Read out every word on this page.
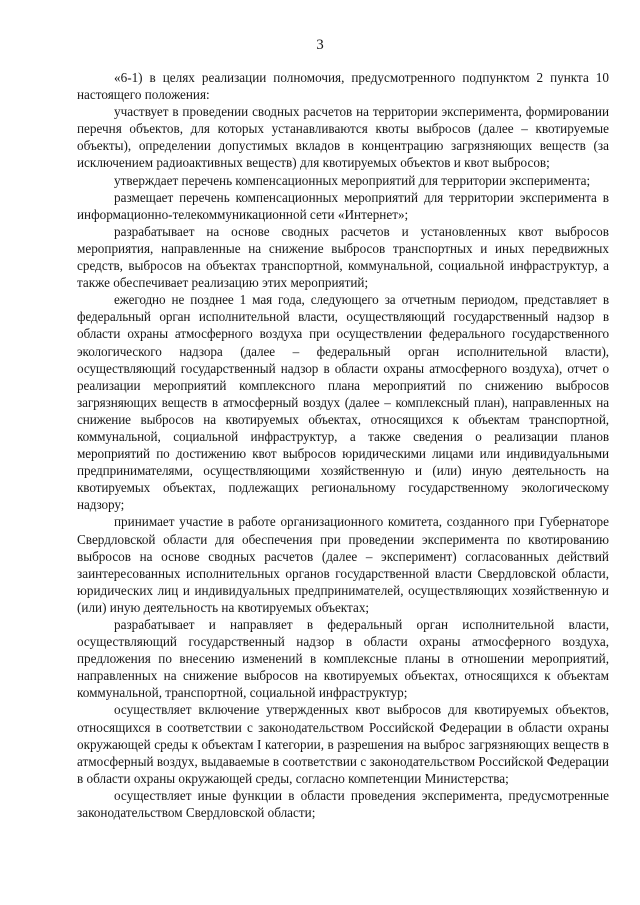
3

«6-1) в целях реализации полномочия, предусмотренного подпунктом 2 пункта 10 настоящего положения:

участвует в проведении сводных расчетов на территории эксперимента, формировании перечня объектов, для которых устанавливаются квоты выбросов (далее – квотируемые объекты), определении допустимых вкладов в концентрацию загрязняющих веществ (за исключением радиоактивных веществ) для квотируемых объектов и квот выбросов;

утверждает перечень компенсационных мероприятий для территории эксперимента;

размещает перечень компенсационных мероприятий для территории эксперимента в информационно-телекоммуникационной сети «Интернет»;

разрабатывает на основе сводных расчетов и установленных квот выбросов мероприятия, направленные на снижение выбросов транспортных и иных передвижных средств, выбросов на объектах транспортной, коммунальной, социальной инфраструктур, а также обеспечивает реализацию этих мероприятий;

ежегодно не позднее 1 мая года, следующего за отчетным периодом, представляет в федеральный орган исполнительной власти, осуществляющий государственный надзор в области охраны атмосферного воздуха при осуществлении федерального государственного экологического надзора (далее – федеральный орган исполнительной власти), осуществляющий государственный надзор в области охраны атмосферного воздуха), отчет о реализации мероприятий комплексного плана мероприятий по снижению выбросов загрязняющих веществ в атмосферный воздух (далее – комплексный план), направленных на снижение выбросов на квотируемых объектах, относящихся к объектам транспортной, коммунальной, социальной инфраструктур, а также сведения о реализации планов мероприятий по достижению квот выбросов юридическими лицами или индивидуальными предпринимателями, осуществляющими хозяйственную и (или) иную деятельность на квотируемых объектах, подлежащих региональному государственному экологическому надзору;

принимает участие в работе организационного комитета, созданного при Губернаторе Свердловской области для обеспечения при проведении эксперимента по квотированию выбросов на основе сводных расчетов (далее – эксперимент) согласованных действий заинтересованных исполнительных органов государственной власти Свердловской области, юридических лиц и индивидуальных предпринимателей, осуществляющих хозяйственную и (или) иную деятельность на квотируемых объектах;

разрабатывает и направляет в федеральный орган исполнительной власти, осуществляющий государственный надзор в области охраны атмосферного воздуха, предложения по внесению изменений в комплексные планы в отношении мероприятий, направленных на снижение выбросов на квотируемых объектах, относящихся к объектам коммунальной, транспортной, социальной инфраструктур;

осуществляет включение утвержденных квот выбросов для квотируемых объектов, относящихся в соответствии с законодательством Российской Федерации в области охраны окружающей среды к объектам I категории, в разрешения на выброс загрязняющих веществ в атмосферный воздух, выдаваемые в соответствии с законодательством Российской Федерации в области охраны окружающей среды, согласно компетенции Министерства;

осуществляет иные функции в области проведения эксперимента, предусмотренные законодательством Свердловской области;
